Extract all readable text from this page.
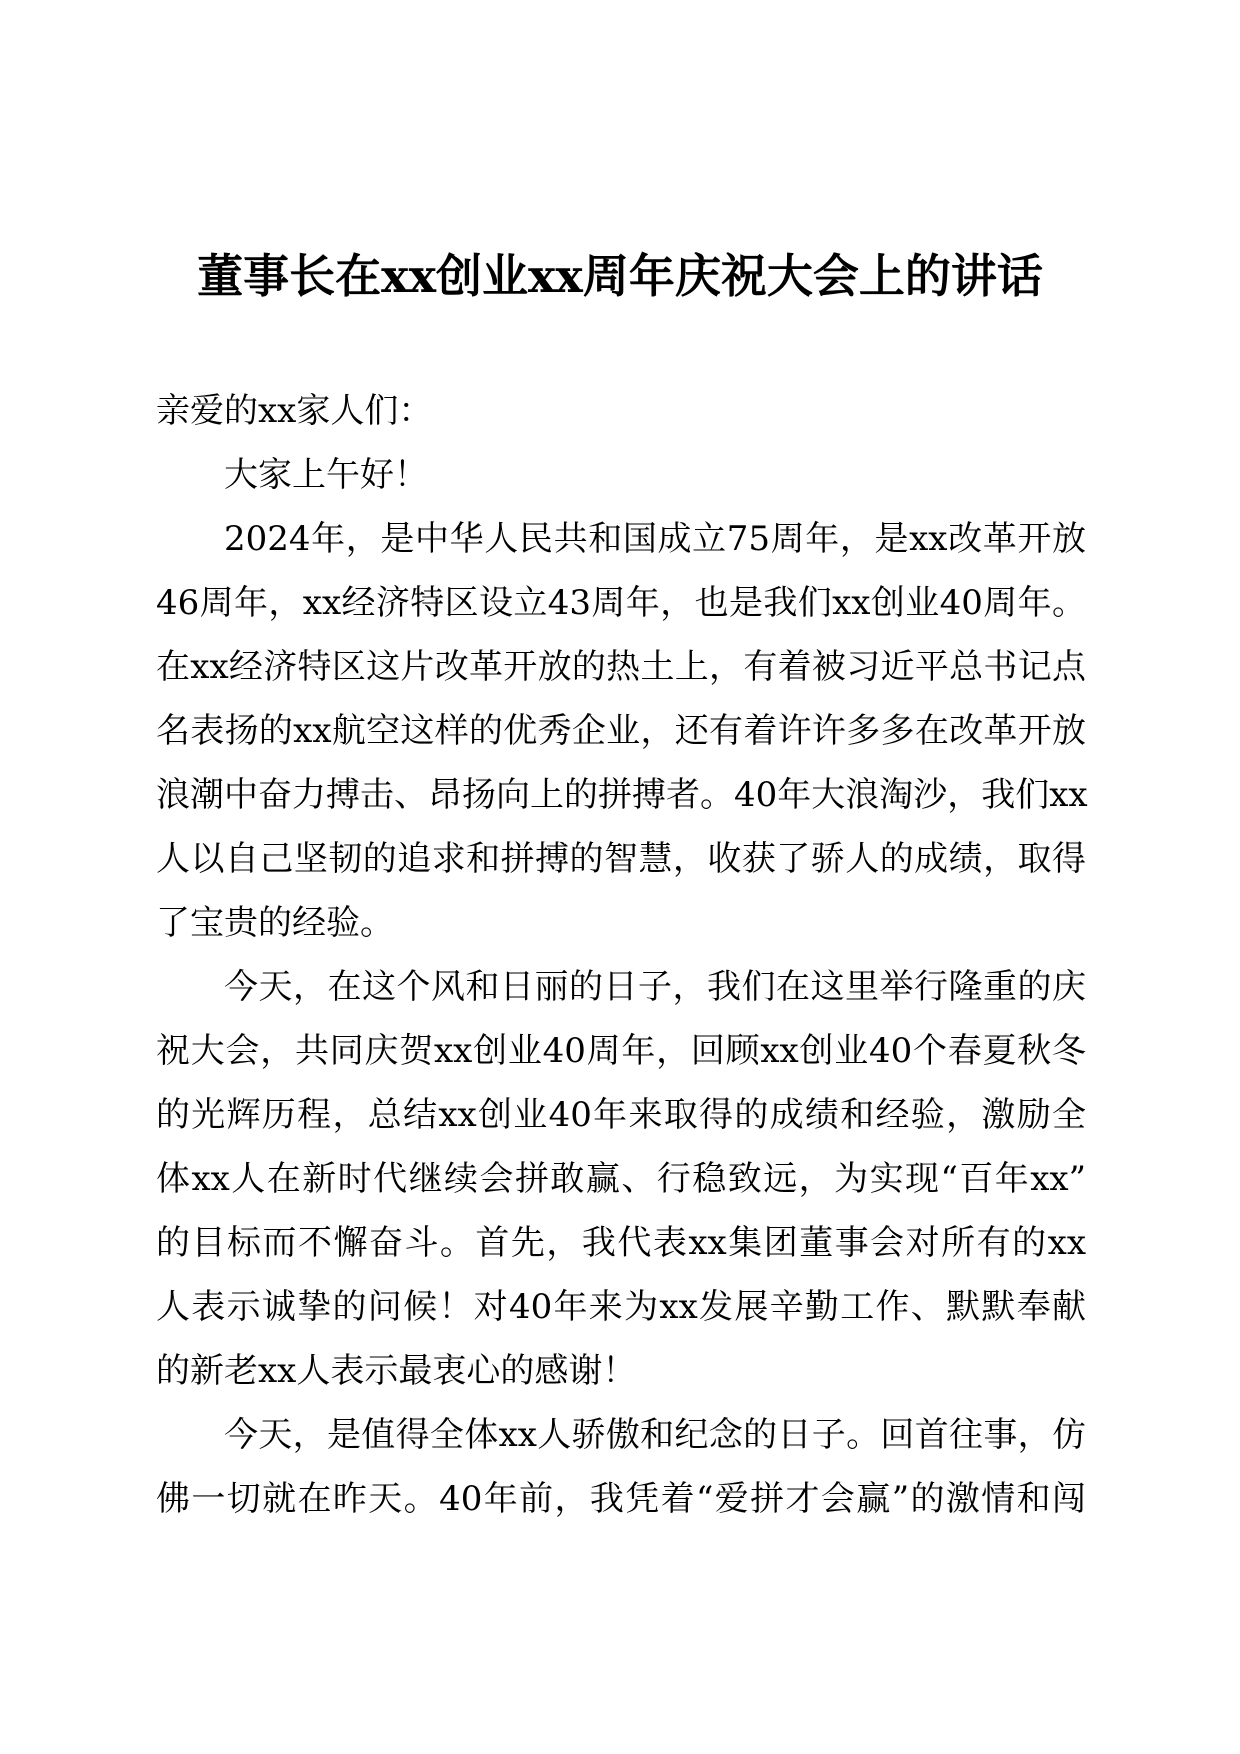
董事长在xx创业xx周年庆祝大会上的讲话
亲爱的xx家人们：
大家上午好！
2024年，是中华人民共和国成立75周年，是xx改革开放
46周年，xx经济特区设立43周年，也是我们xx创业40周年。
在xx经济特区这片改革开放的热土上，有着被习近平总书记点
名表扬的xx航空这样的优秀企业，还有着许许多多在改革开放
浪潮中奋力搏击、昂扬向上的拼搏者。40年大浪淘沙，我们xx
人以自己坚韧的追求和拼搏的智慧，收获了骄人的成绩，取得
了宝贵的经验。
今天，在这个风和日丽的日子，我们在这里举行隆重的庆
祝大会，共同庆贺xx创业40周年，回顾xx创业40个春夏秋冬
的光辉历程，总结xx创业40年来取得的成绩和经验，激励全
体xx人在新时代继续会拼敢赢、行稳致远，为实现“百年xx”
的目标而不懈奋斗。首先，我代表xx集团董事会对所有的xx
人表示诚挚的问候！对40年来为xx发展辛勤工作、默默奉献
的新老xx人表示最衷心的感谢！
今天，是值得全体xx人骄傲和纪念的日子。回首往事，仿
佛一切就在昨天。40年前，我凭着“爱拼才会赢”的激情和闯
